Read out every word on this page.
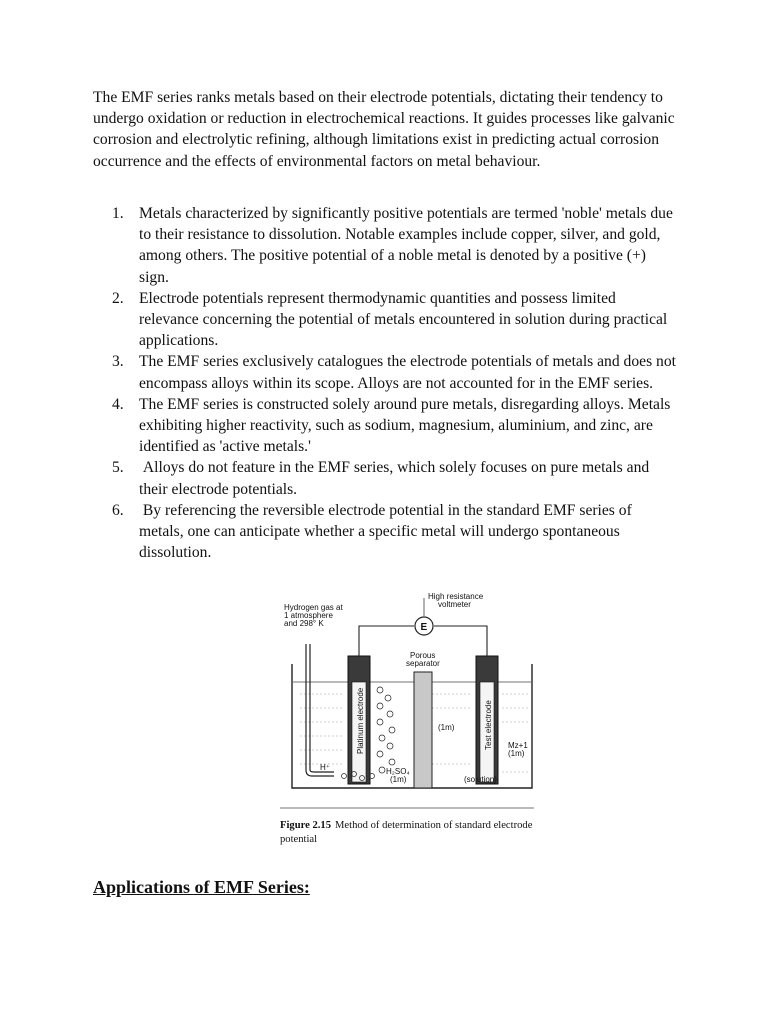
The EMF series ranks metals based on their electrode potentials, dictating their tendency to undergo oxidation or reduction in electrochemical reactions. It guides processes like galvanic corrosion and electrolytic refining, although limitations exist in predicting actual corrosion occurrence and the effects of environmental factors on metal behaviour.

1. Metals characterized by significantly positive potentials are termed 'noble' metals due to their resistance to dissolution. Notable examples include copper, silver, and gold, among others. The positive potential of a noble metal is denoted by a positive (+) sign.
2. Electrode potentials represent thermodynamic quantities and possess limited relevance concerning the potential of metals encountered in solution during practical applications.
3. The EMF series exclusively catalogues the electrode potentials of metals and does not encompass alloys within its scope. Alloys are not accounted for in the EMF series.
4. The EMF series is constructed solely around pure metals, disregarding alloys. Metals exhibiting higher reactivity, such as sodium, magnesium, aluminium, and zinc, are identified as 'active metals.'
5. Alloys do not feature in the EMF series, which solely focuses on pure metals and their electrode potentials.
6. By referencing the reversible electrode potential in the standard EMF series of metals, one can anticipate whether a specific metal will undergo spontaneous dissolution.
Platinum electrode	Test electrode
E
High resistance
voltmeter
Hydrogen gas at
1 atmosphere
and 298° K
Porous
separator
(1m)
Mz+1
(1m)
H⁺	H₂SO₄
(1m)	(solution)

Figure 2.15 Method of determination of standard electrode potential

Applications of EMF Series:
